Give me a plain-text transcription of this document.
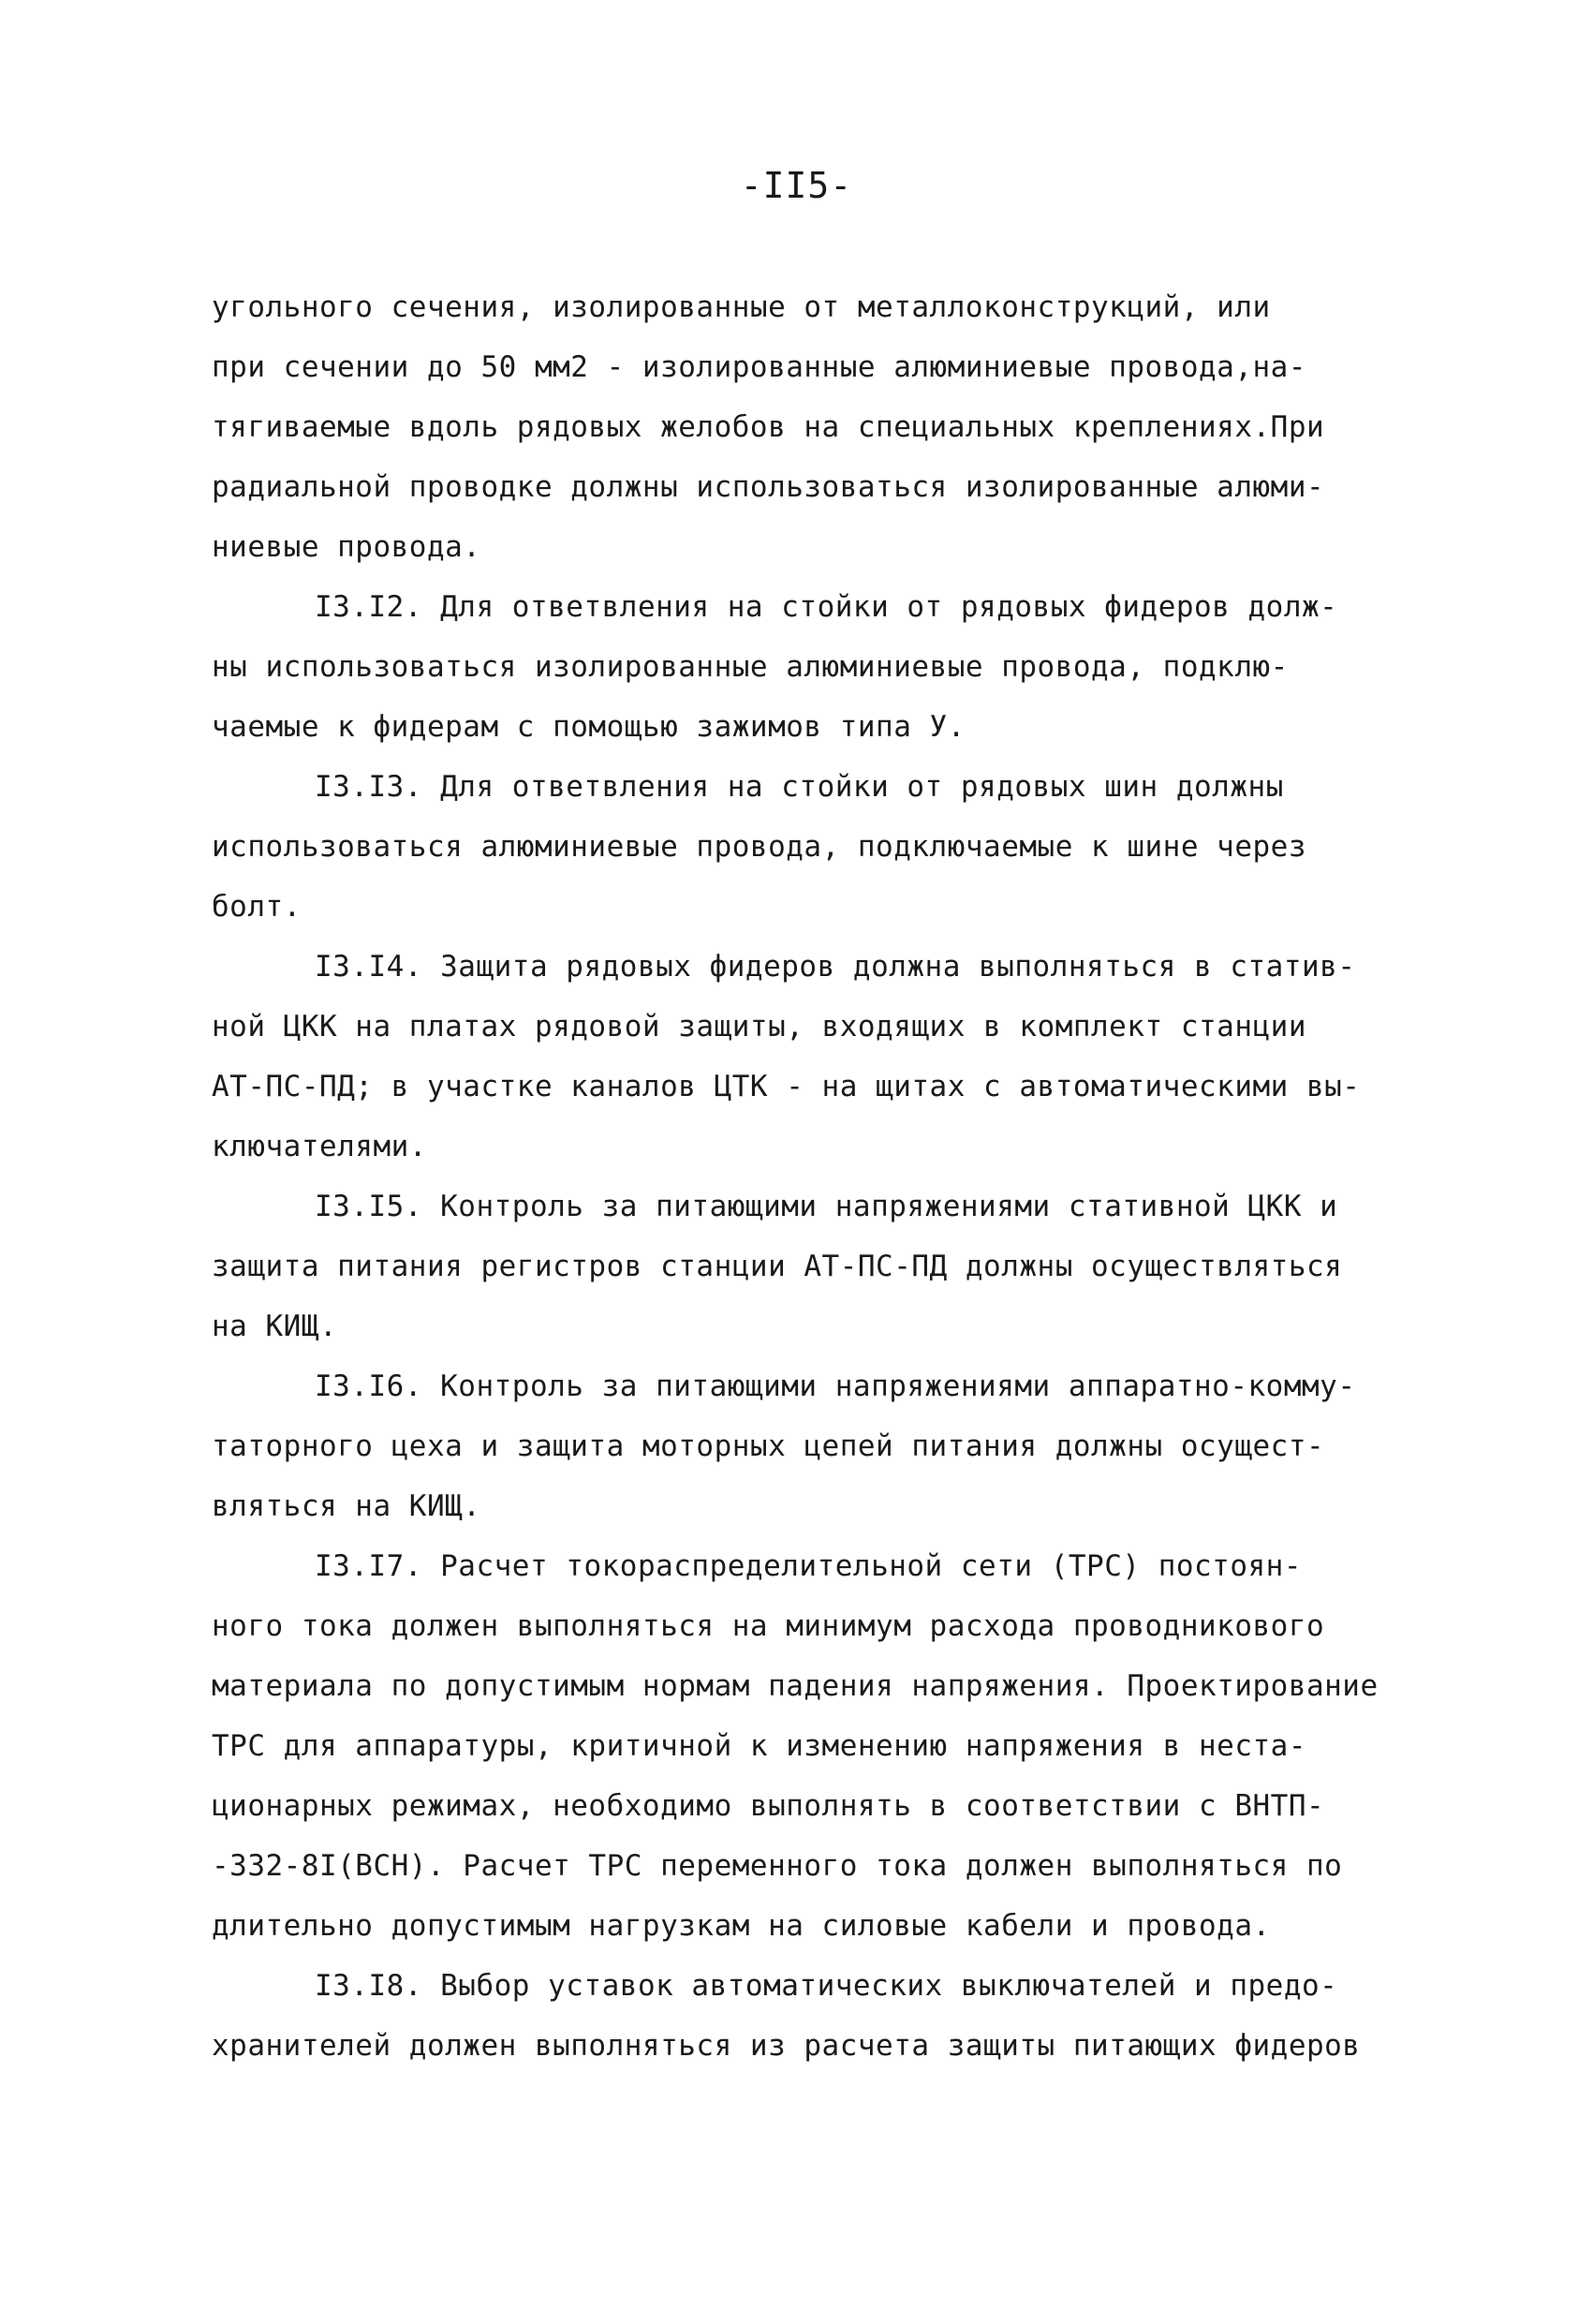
-II5-
угольного сечения, изолированные от металлоконструкций, или
при сечении до 50 мм2 - изолированные алюминиевые провода,на-
тягиваемые вдоль рядовых желобов на специальных креплениях.При
радиальной проводке должны использоваться изолированные алюми-
ниевые провода.
I3.I2. Для ответвления на стойки от рядовых фидеров долж-
ны использоваться изолированные алюминиевые провода, подклю-
чаемые к фидерам с помощью зажимов типа У.
I3.I3. Для ответвления на стойки от рядовых шин должны
использоваться алюминиевые провода, подключаемые к шине через
болт.
I3.I4. Защита рядовых фидеров должна выполняться в статив-
ной ЦКК на платах рядовой защиты, входящих в комплект станции
АТ-ПС-ПД; в участке каналов ЦТК - на щитах с автоматическими вы-
ключателями.
I3.I5. Контроль за питающими напряжениями стативной ЦКК и
защита питания регистров станции АТ-ПС-ПД должны осуществляться
на КИЩ.
I3.I6. Контроль за питающими напряжениями аппаратно-комму-
таторного цеха и защита моторных цепей питания должны осущест-
вляться на КИЩ.
I3.I7. Расчет токораспределительной сети (ТРС) постоян-
ного тока должен выполняться на минимум расхода проводникового
материала по допустимым нормам падения напряжения. Проектирование
ТРС для аппаратуры, критичной к изменению напряжения в неста-
ционарных режимах, необходимо выполнять в соответствии с ВНТП-
-332-8I(ВСН). Расчет ТРС переменного тока должен выполняться по
длительно допустимым нагрузкам на силовые кабели и провода.
I3.I8. Выбор уставок автоматических выключателей и предо-
хранителей должен выполняться из расчета защиты питающих фидеров
